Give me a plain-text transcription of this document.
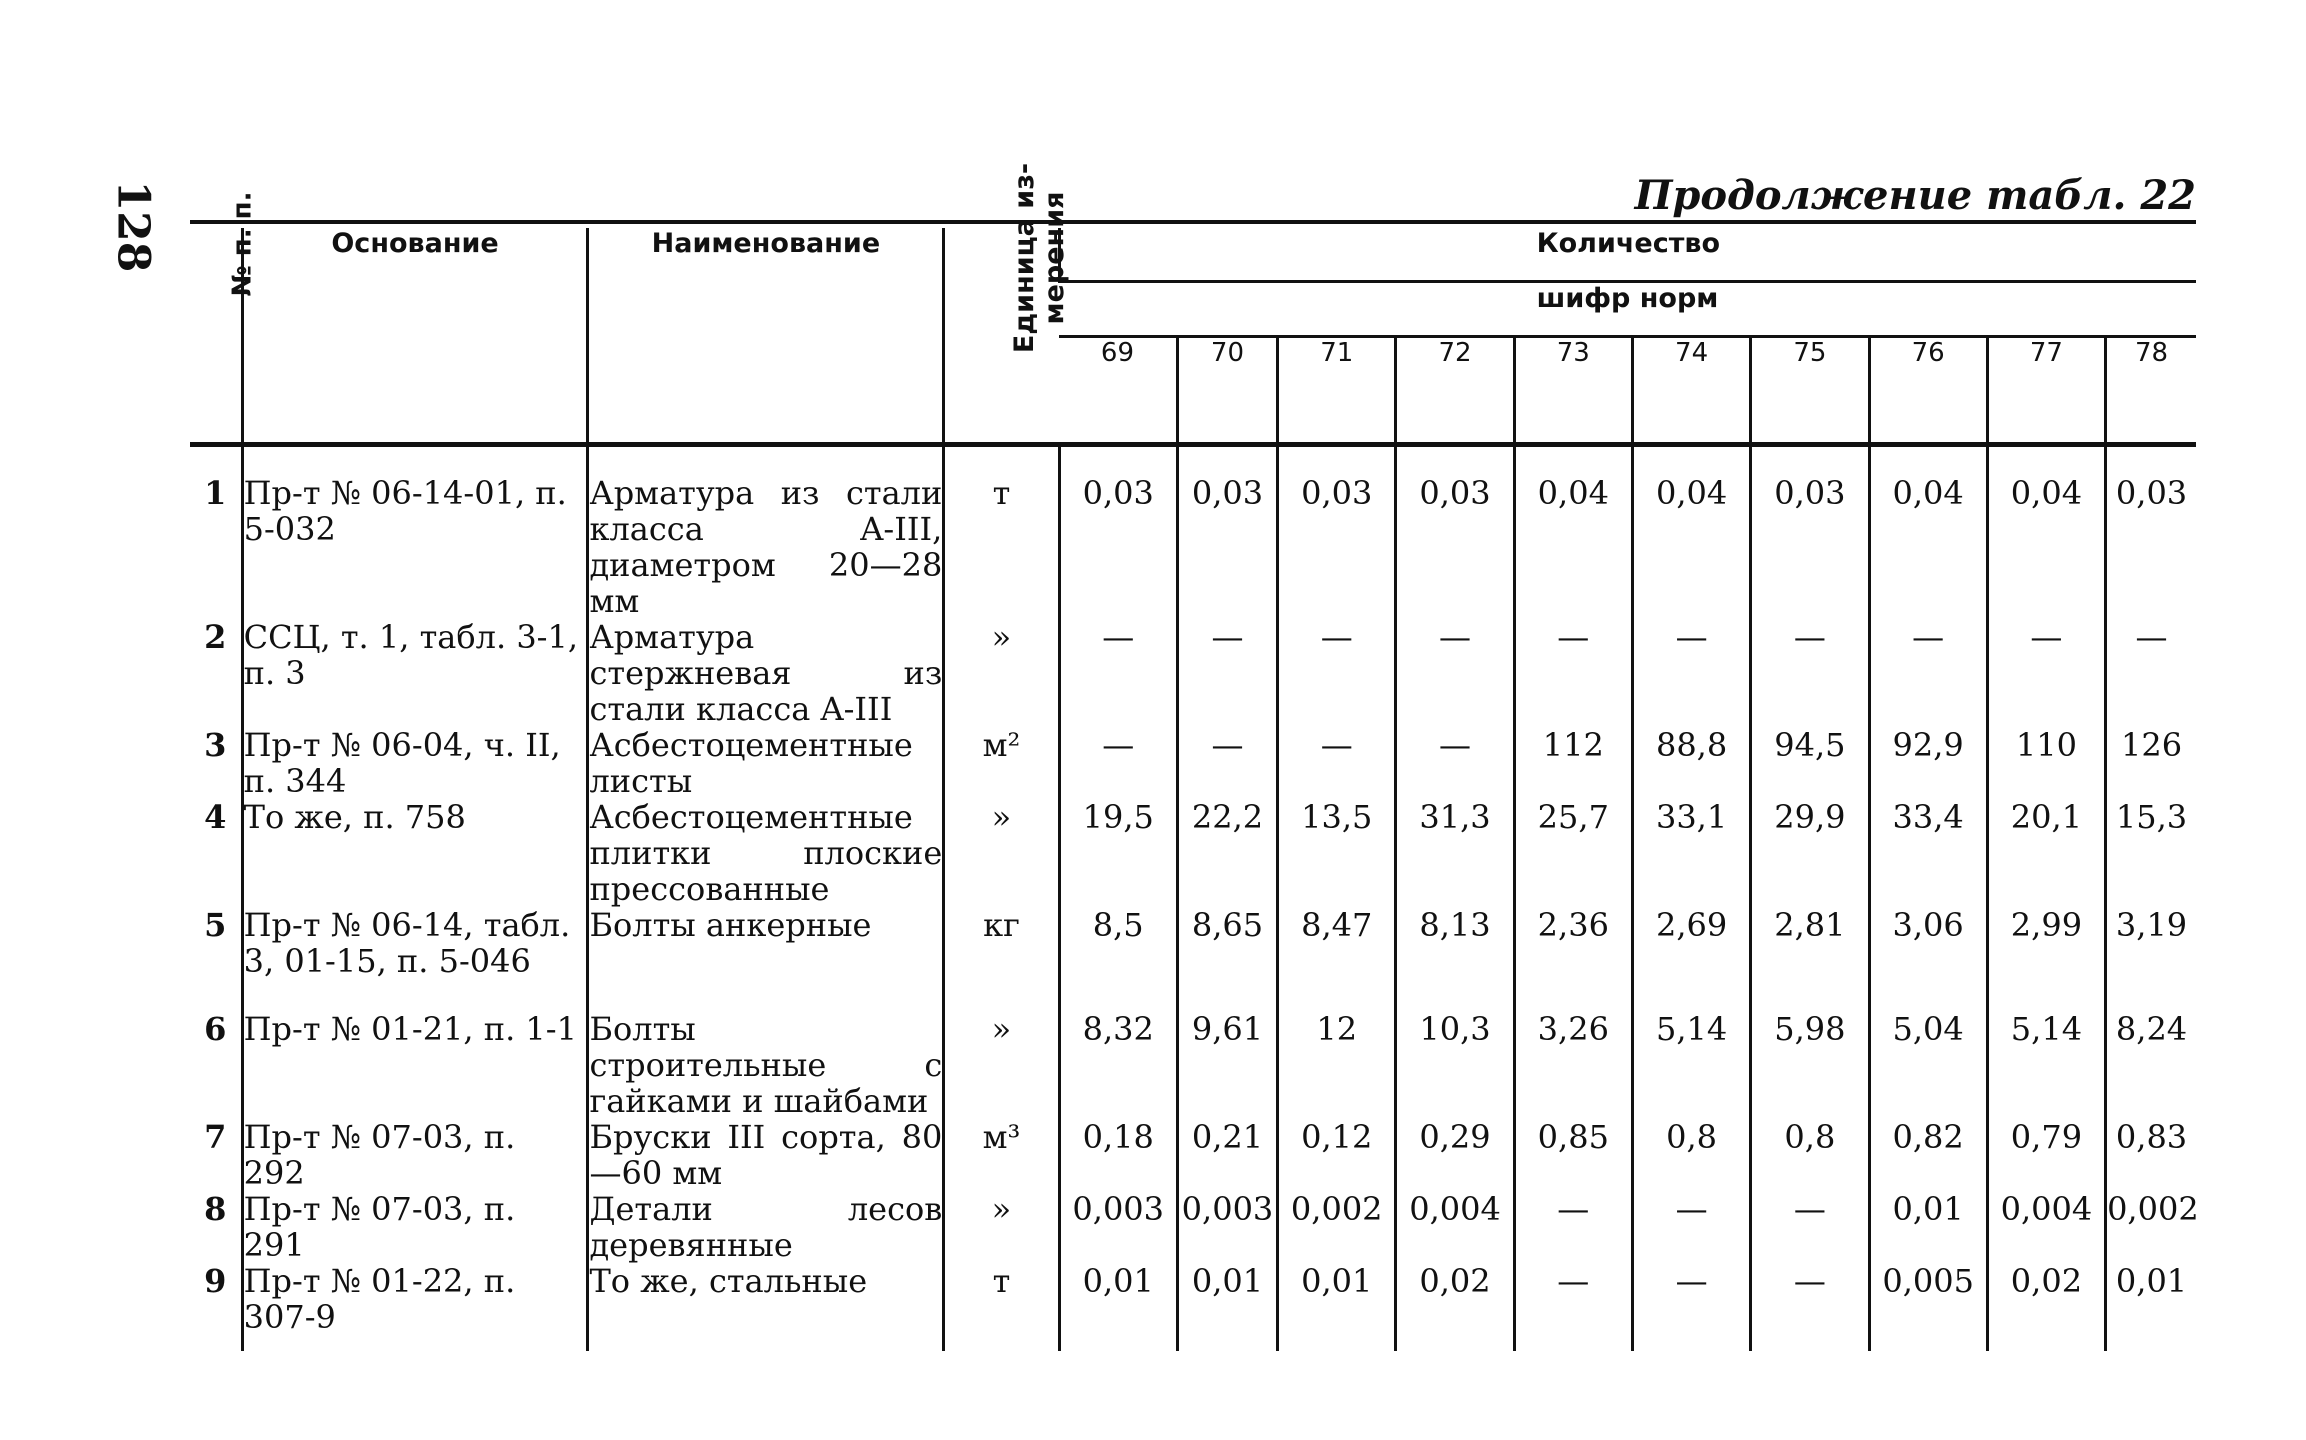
128	Продолжение табл. 22
№ п. п.	Основание	Наименование	Единица из-
мерения	Количество									
				шифр норм									
				69	70	71	72	73	74	75	76	77	78
1	Пр-т № 06-14-01, п. 5-032	Арматура из стали класса A-III, диаметром 20—28 мм	т	0,03	0,03	0,03	0,03	0,04	0,04	0,03	0,04	0,04	0,03
2	ССЦ, т. 1, табл. 3-1, п. 3	Арматура стержневая из стали класса A-III	»	—	—	—	—	—	—	—	—	—	—
3	Пр-т № 06-04, ч. II, п. 344	Асбестоцементные листы	м²	—	—	—	—	112	88,8	94,5	92,9	110	126
4	То же, п. 758	Асбестоцементные плитки плоские прессованные	»	19,5	22,2	13,5	31,3	25,7	33,1	29,9	33,4	20,1	15,3
5	Пр-т № 06-14, табл. 3, 01-15, п. 5-046	Болты анкерные	кг	8,5	8,65	8,47	8,13	2,36	2,69	2,81	3,06	2,99	3,19
6	Пр-т № 01-21, п. 1-1	Болты строительные с гайками и шайбами	»	8,32	9,61	12	10,3	3,26	5,14	5,98	5,04	5,14	8,24
7	Пр-т № 07-03, п. 292	Бруски III сорта, 80—60 мм	м³	0,18	0,21	0,12	0,29	0,85	0,8	0,8	0,82	0,79	0,83
8	Пр-т № 07-03, п. 291	Детали лесов деревянные	»	0,003	0,003	0,002	0,004	—	—	—	0,01	0,004	0,002
9	Пр-т № 01-22, п. 307-9	То же, стальные	т	0,01	0,01	0,01	0,02	—	—	—	0,005	0,02	0,01
